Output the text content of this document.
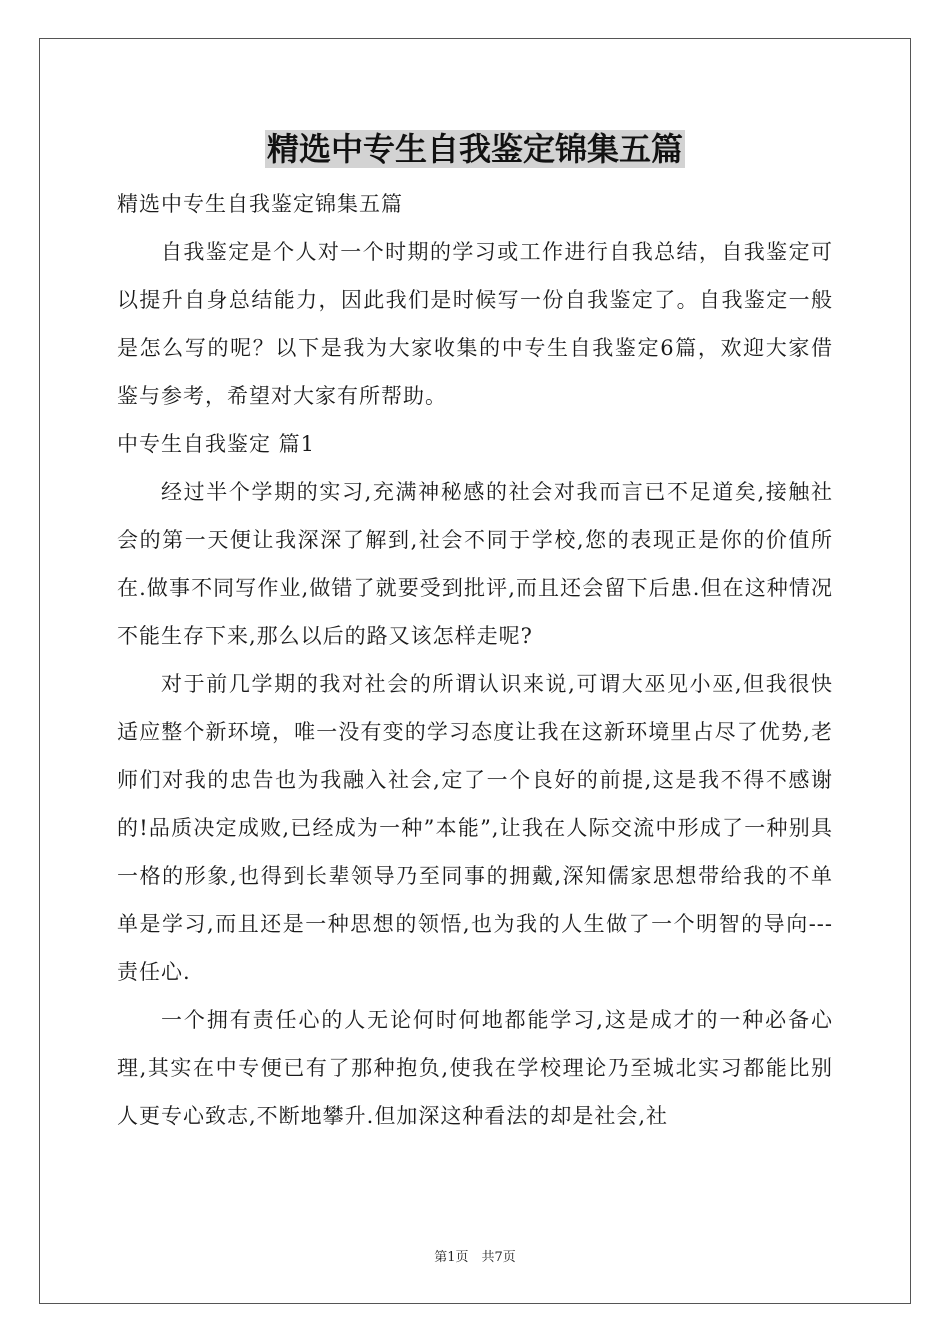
精选中专生自我鉴定锦集五篇

精选中专生自我鉴定锦集五篇

自我鉴定是个人对一个时期的学习或工作进行自我总结，自我鉴定可以提升自身总结能力，因此我们是时候写一份自我鉴定了。自我鉴定一般是怎么写的呢？以下是我为大家收集的中专生自我鉴定6篇，欢迎大家借鉴与参考，希望对大家有所帮助。

中专生自我鉴定 篇1

经过半个学期的实习,充满神秘感的社会对我而言已不足道矣,接触社会的第一天便让我深深了解到,社会不同于学校,您的表现正是你的价值所在.做事不同写作业,做错了就要受到批评,而且还会留下后患.但在这种情况不能生存下来,那么以后的路又该怎样走呢?

对于前几学期的我对社会的所谓认识来说,可谓大巫见小巫,但我很快适应整个新环境，唯一没有变的学习态度让我在这新环境里占尽了优势,老师们对我的忠告也为我融入社会,定了一个良好的前提,这是我不得不感谢的!品质决定成败,已经成为一种”本能”,让我在人际交流中形成了一种别具一格的形象,也得到长辈领导乃至同事的拥戴,深知儒家思想带给我的不单单是学习,而且还是一种思想的领悟,也为我的人生做了一个明智的导向---责任心.

一个拥有责任心的人无论何时何地都能学习,这是成才的一种必备心理,其实在中专便已有了那种抱负,使我在学校理论乃至城北实习都能比别人更专心致志,不断地攀升.但加深这种看法的却是社会,社

第1页　共7页
